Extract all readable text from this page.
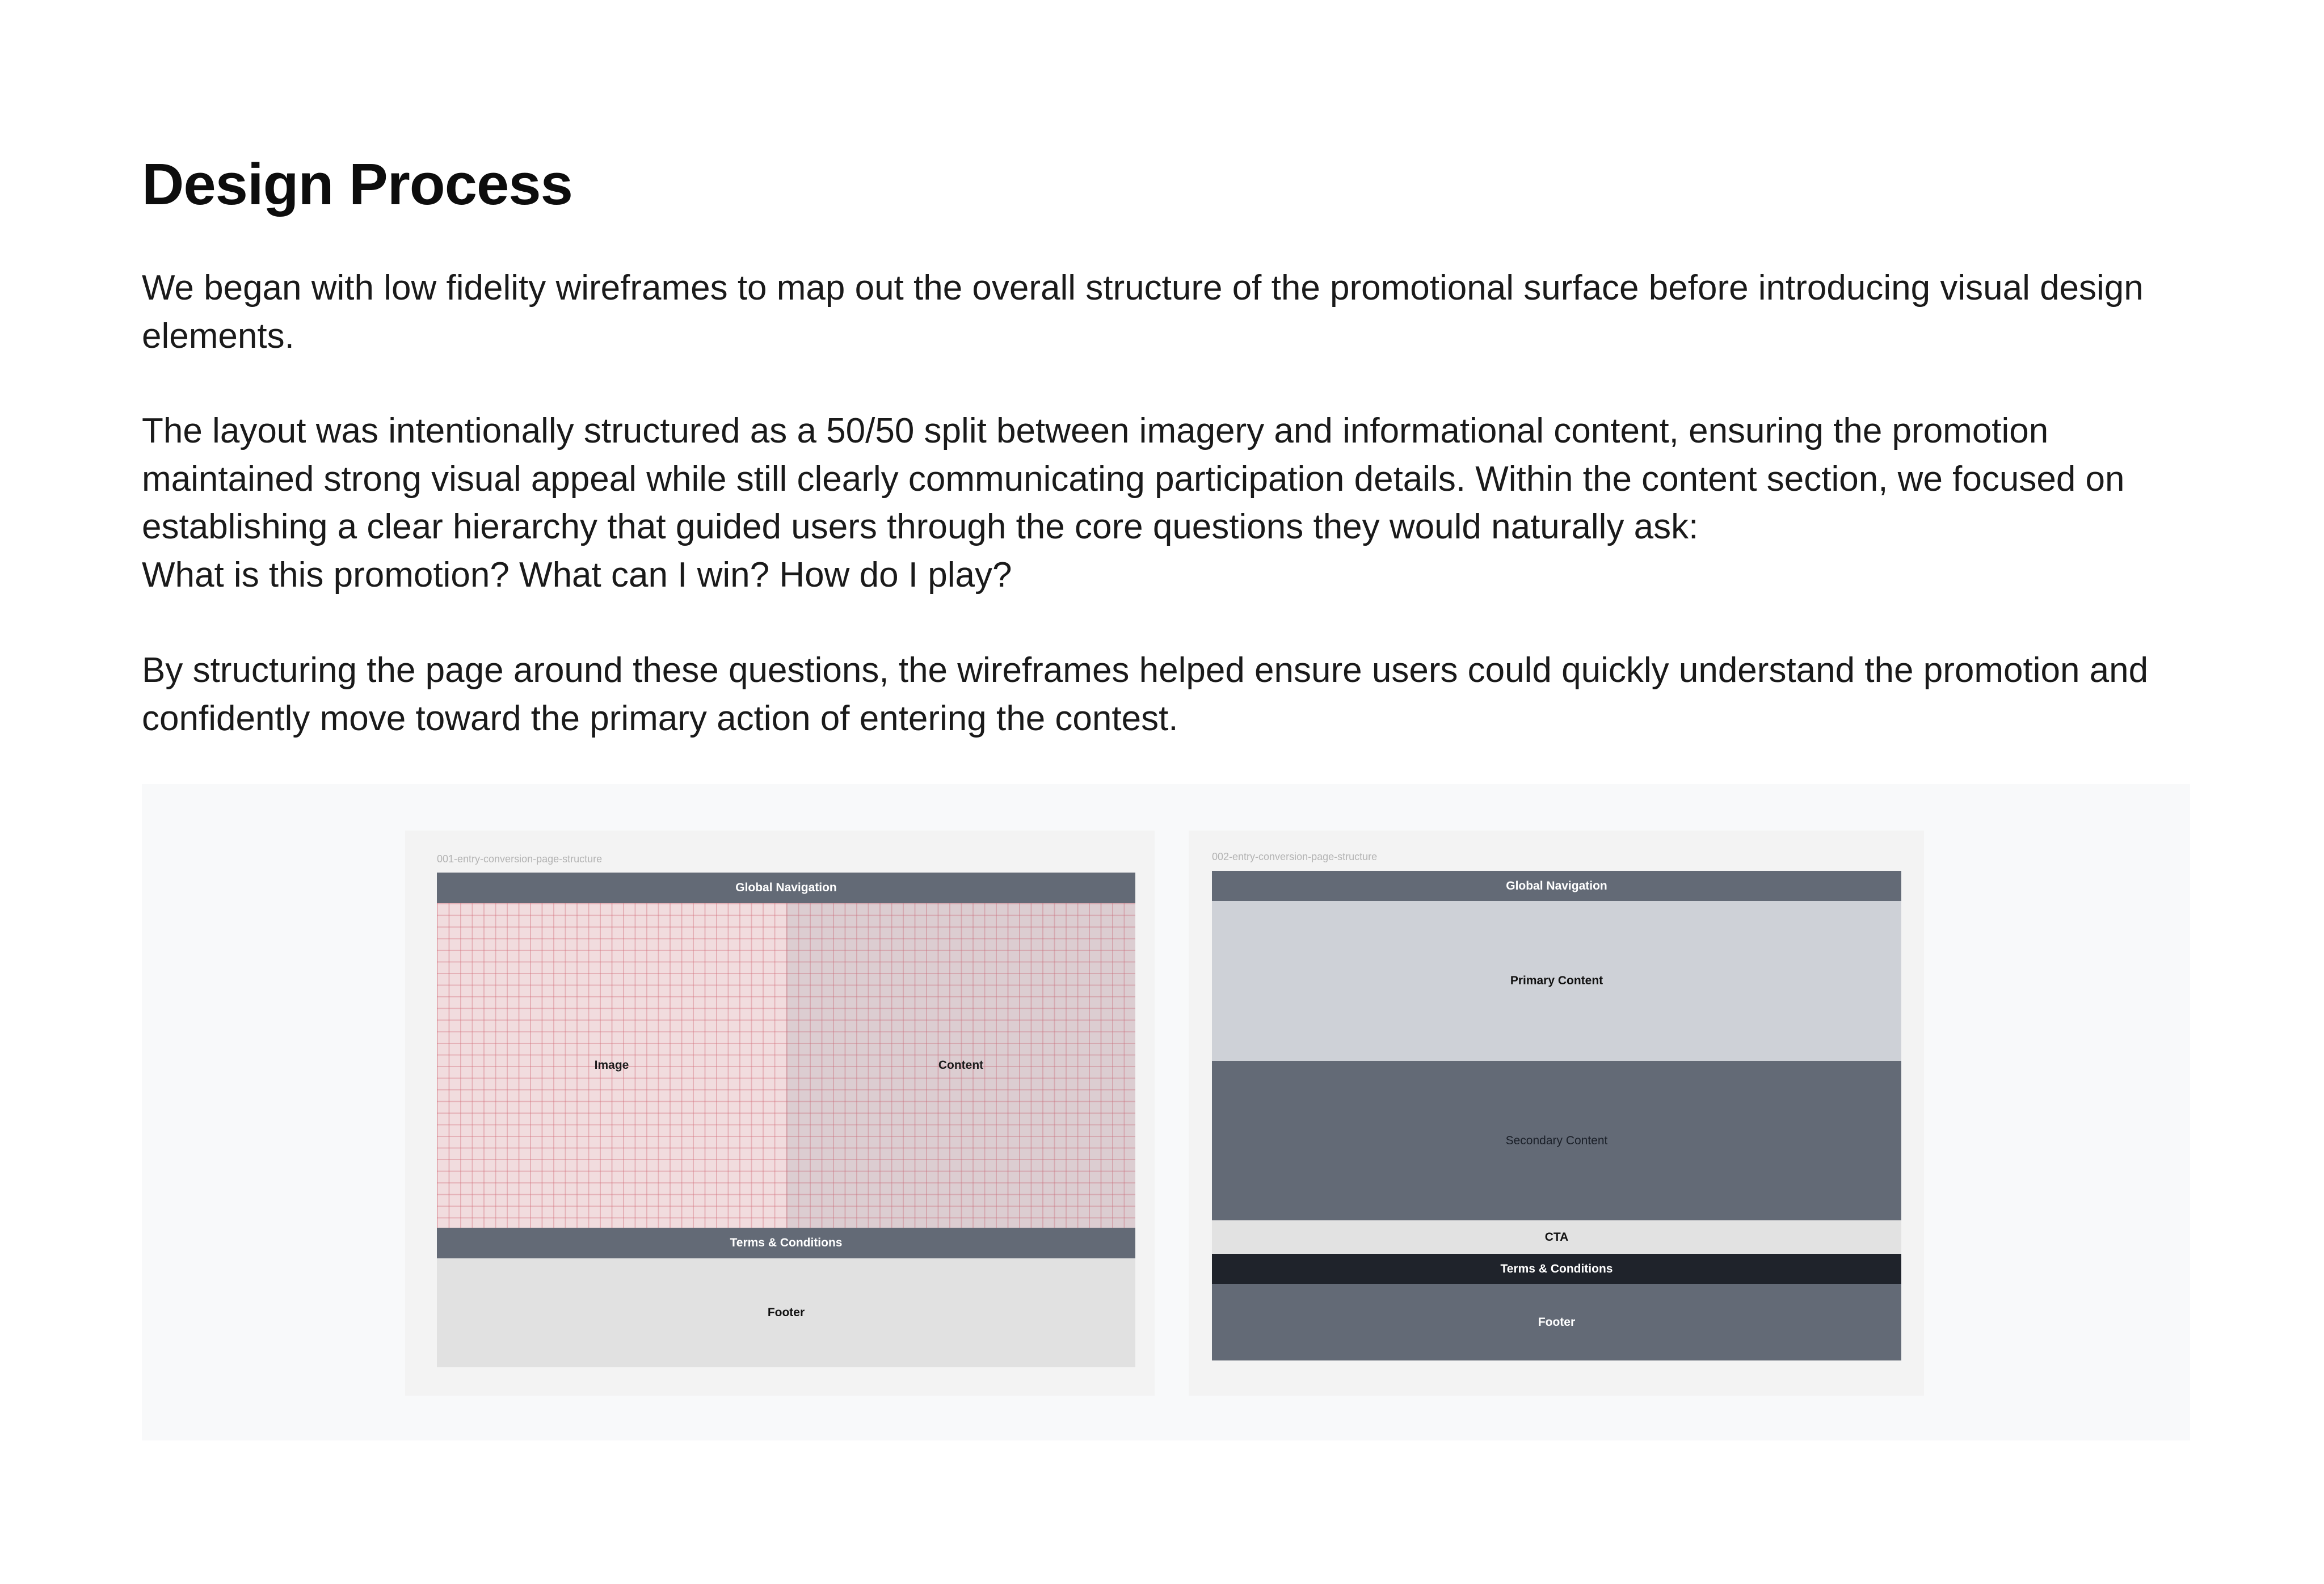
Design Process

We began with low fidelity wireframes to map out the overall structure of the promotional surface before introducing visual design elements.

The layout was intentionally structured as a 50/50 split between imagery and informational content, ensuring the promotion maintained strong visual appeal while still clearly communicating participation details. Within the content section, we focused on establishing a clear hierarchy that guided users through the core questions they would naturally ask:
What is this promotion? What can I win? How do I play?

By structuring the page around these questions, the wireframes helped ensure users could quickly understand the promotion and confidently move toward the primary action of entering the contest.

001-entry-conversion-page-structure
Global Navigation
Image	Content
Terms & Conditions
Footer
002-entry-conversion-page-structure
Global Navigation
Primary Content
Secondary Content
CTA
Terms & Conditions
Footer
